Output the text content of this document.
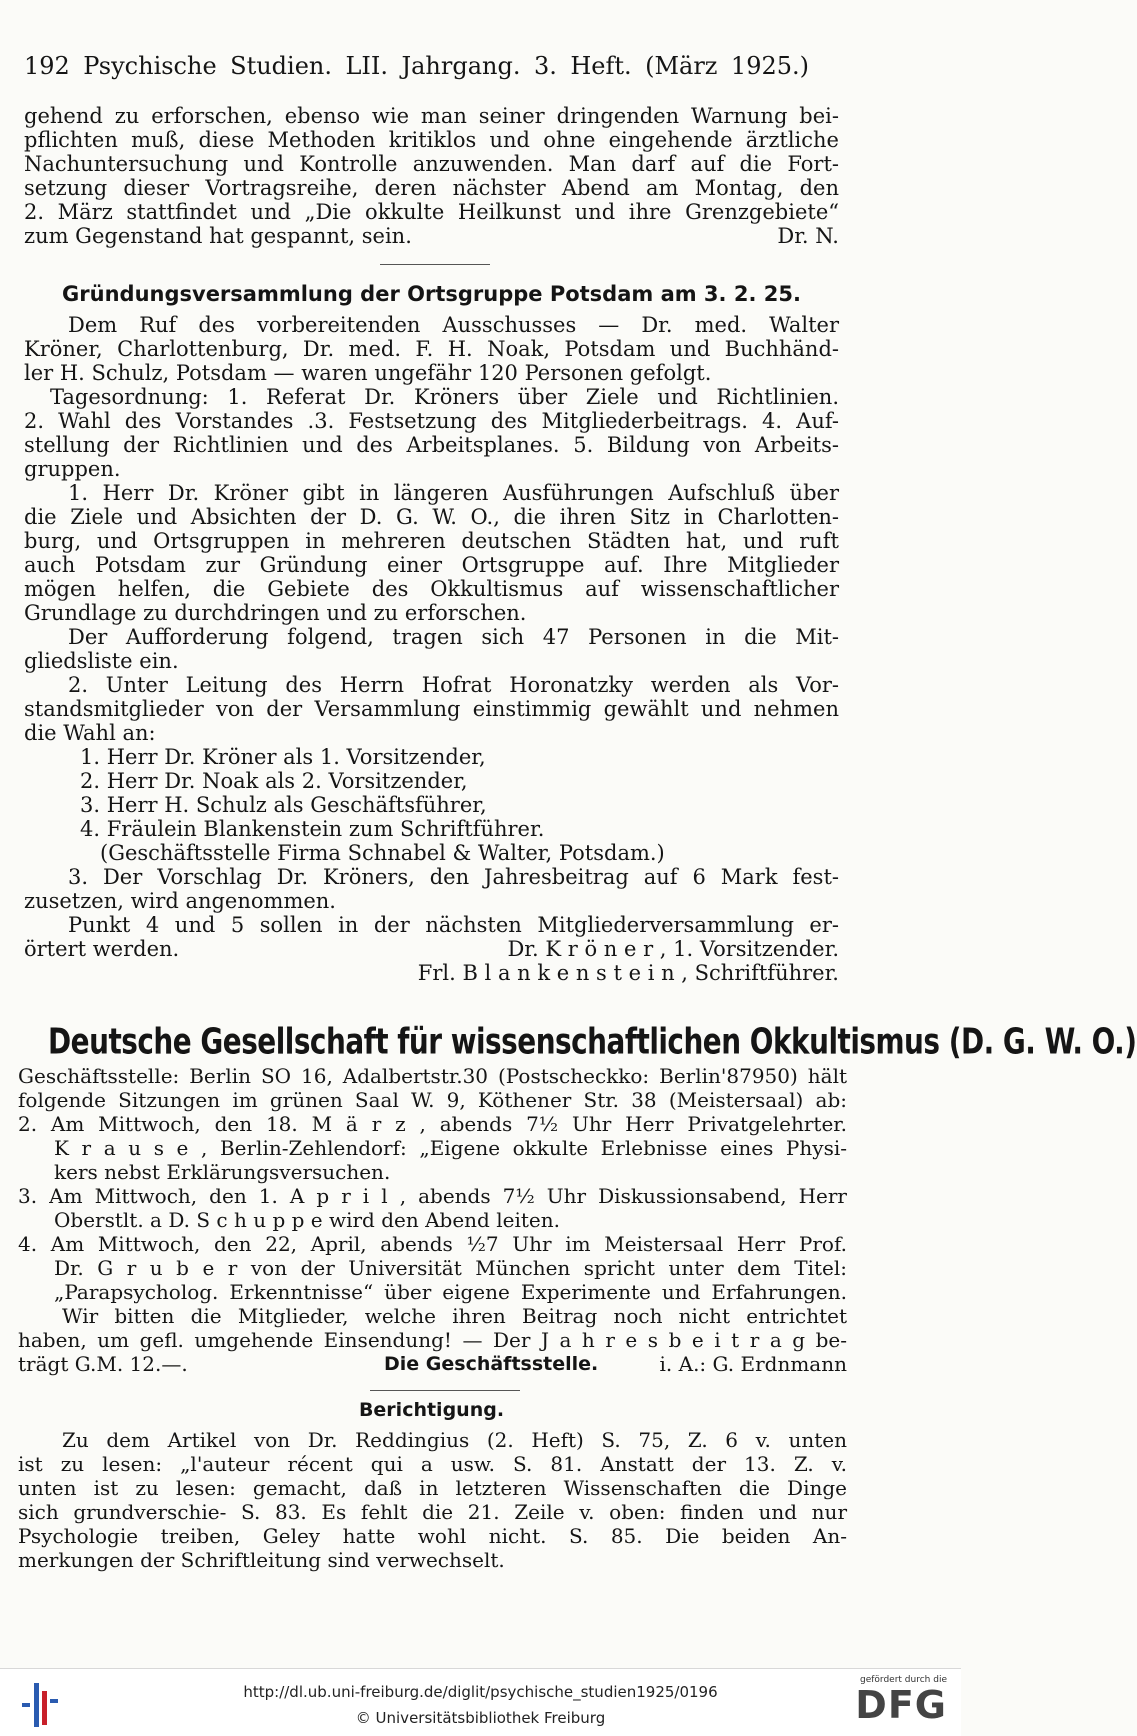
192 Psychische Studien. LII. Jahrgang. 3. Heft. (März 1925.)
gehend zu erforschen, ebenso wie man seiner dringenden Warnung bei-
pflichten muß, diese Methoden kritiklos und ohne eingehende ärztliche
Nachuntersuchung und Kontrolle anzuwenden. Man darf auf die Fort-
setzung dieser Vortragsreihe, deren nächster Abend am Montag, den
2. März stattfindet und „Die okkulte Heilkunst und ihre Grenzgebiete“
zum Gegenstand hat gespannt, sein.	Dr. N.
Gründungsversammlung der Ortsgruppe Potsdam am 3. 2. 25.
Dem Ruf des vorbereitenden Ausschusses — Dr. med. Walter
Kröner, Charlottenburg, Dr. med. F. H. Noak, Potsdam und Buchhänd-
ler H. Schulz, Potsdam — waren ungefähr 120 Personen gefolgt.
Tagesordnung: 1. Referat Dr. Kröners über Ziele und Richtlinien.
2. Wahl des Vorstandes .3. Festsetzung des Mitgliederbeitrags. 4. Auf-
stellung der Richtlinien und des Arbeitsplanes. 5. Bildung von Arbeits-
gruppen.
1. Herr Dr. Kröner gibt in längeren Ausführungen Aufschluß über
die Ziele und Absichten der D. G. W. O., die ihren Sitz in Charlotten-
burg, und Ortsgruppen in mehreren deutschen Städten hat, und ruft
auch Potsdam zur Gründung einer Ortsgruppe auf. Ihre Mitglieder
mögen helfen, die Gebiete des Okkultismus auf wissenschaftlicher
Grundlage zu durchdringen und zu erforschen.
Der Aufforderung folgend, tragen sich 47 Personen in die Mit-
gliedsliste ein.
2. Unter Leitung des Herrn Hofrat Horonatzky werden als Vor-
standsmitglieder von der Versammlung einstimmig gewählt und nehmen
die Wahl an:
1. Herr Dr. Kröner als 1. Vorsitzender,
2. Herr Dr. Noak als 2. Vorsitzender,
3. Herr H. Schulz als Geschäftsführer,
4. Fräulein Blankenstein zum Schriftführer.
(Geschäftsstelle Firma Schnabel & Walter, Potsdam.)
3. Der Vorschlag Dr. Kröners, den Jahresbeitrag auf 6 Mark fest-
zusetzen, wird angenommen.
Punkt 4 und 5 sollen in der nächsten Mitgliederversammlung er-
örtert werden.	Dr. K r ö n e r , 1. Vorsitzender.
Frl. B l a n k e n s t e i n , Schriftführer.
Deutsche Gesellschaft für wissenschaftlichen Okkultismus (D. G. W. O.)
Geschäftsstelle: Berlin SO 16, Adalbertstr.30 (Postscheckko: Berlin'87950) hält
folgende Sitzungen im grünen Saal W. 9, Köthener Str. 38 (Meistersaal) ab:
2. Am Mittwoch, den 18. M ä r z , abends 7½ Uhr Herr Privatgelehrter.
K r a u s e , Berlin-Zehlendorf: „Eigene okkulte Erlebnisse eines Physi-
kers nebst Erklärungsversuchen.
3. Am Mittwoch, den 1. A p r i l , abends 7½ Uhr Diskussionsabend, Herr
Oberstlt. a D. S c h u p p e wird den Abend leiten.
4. Am Mittwoch, den 22, April, abends ½7 Uhr im Meistersaal Herr Prof.
Dr. G r u b e r von der Universität München spricht unter dem Titel:
„Parapsycholog. Erkenntnisse“ über eigene Experimente und Erfahrungen.
Wir bitten die Mitglieder, welche ihren Beitrag noch nicht entrichtet
haben, um gefl. umgehende Einsendung! — Der J a h r e s b e i t r a g be-
trägt G.M. 12.—.	Die Geschäftsstelle.	i. A.: G. Erdnmann
Berichtigung.
Zu dem Artikel von Dr. Reddingius (2. Heft) S. 75, Z. 6 v. unten
ist zu lesen: „l'auteur récent qui a usw. S. 81. Anstatt der 13. Z. v.
unten ist zu lesen: gemacht, daß in letzteren Wissenschaften die Dinge
sich grundverschie- S. 83. Es fehlt die 21. Zeile v. oben: finden und nur
Psychologie treiben, Geley hatte wohl nicht. S. 85. Die beiden An-
merkungen der Schriftleitung sind verwechselt.
http://dl.ub.uni-freiburg.de/diglit/psychische_studien1925/0196
© Universitätsbibliothek Freiburg
gefördert durch die
DFG
